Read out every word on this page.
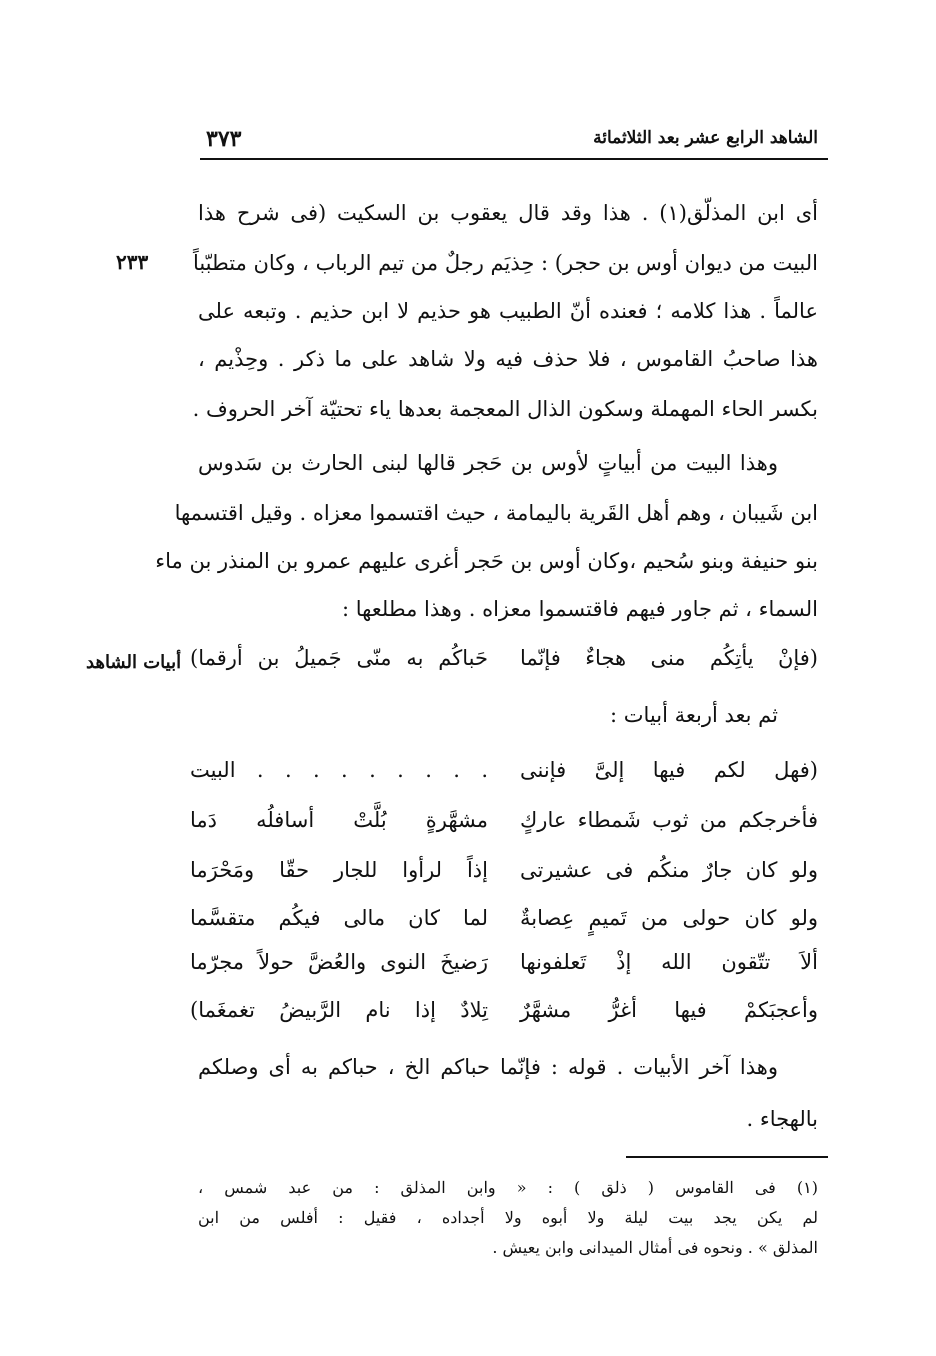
الشاهد الرابع عشر بعد الثلاثمائة
٣٧٣
٢٣٣
أبيات الشاهد
أى ابن المذلّق(١) . هذا وقد قال يعقوب بن السكيت (فى شرح هذا
البيت من ديوان أوس بن حجر) : حِذيَم رجلٌ من تيم الرباب ، وكان متطبّباً
عالماً . هذا كلامه ؛ فعنده أنّ الطبيب هو حذيم لا ابن حذيم . وتبعه على
هذا صاحبُ القاموس ، فلا حذف فيه ولا شاهد على ما ذكر . وحِذْيم ،
بكسر الحاء المهملة وسكون الذال المعجمة بعدها ياء تحتيّة آخر الحروف .
وهذا البيت من أبياتٍ لأوس بن حَجر قالها لبنى الحارث بن سَدوس
ابن شَيبان ، وهم أهل القَرية باليمامة ، حيث اقتسموا معزاه . وقيل اقتسمها
بنو حنيفة وبنو سُحيم ،وكان أوس بن حَجر أغرى عليهم عمرو بن المنذر بن ماء
السماء ، ثم جاور فيهم فاقتسموا معزاه . وهذا مطلعها :
(فإنْ يأتِكُم منى هجاءٌ فإنّما
حَباكُم به منّى جَميلُ بن أرقما)
ثم بعد أربعة أبيات :
(فهل لكم فيها إلىَّ فإننى
. . . . . . . . . البيت
فأخرجكم من ثوب شَمطاء عاركٍ
مشهَّرةٍ بُلَّتْ أسافلُه دَما
ولو كان جارٌ منكُم فى عشيرتى
إذاً لرأوا للجار حقّا ومَحْرَما
ولو كان حولى من تَميمٍ عِصابةٌ
لما كان مالى فيكُم متقسَّما
ألاَ تتّقون الله إذْ تَعلفونها
رَضيخَ النوى والعُضَّ حولاً مجرّما
وأعجبَكمْ فيها أغرُّ مشهَّرٌ
تِلادٌ إذا نام الرَّبيضُ تغمغَما)
وهذا آخر الأبيات . قوله : فإنّما حباكم الخ ، حباكم به أى وصلكم
بالهجاء .
(١) فى القاموس ( ذلق ) : « وابن المذلق : من عبد شمس ،
لم يكن يجد بيت ليلة ولا أبوه ولا أجداده ، فقيل : أفلس من ابن
المذلق » . ونحوه فى أمثال الميدانى وابن يعيش .
